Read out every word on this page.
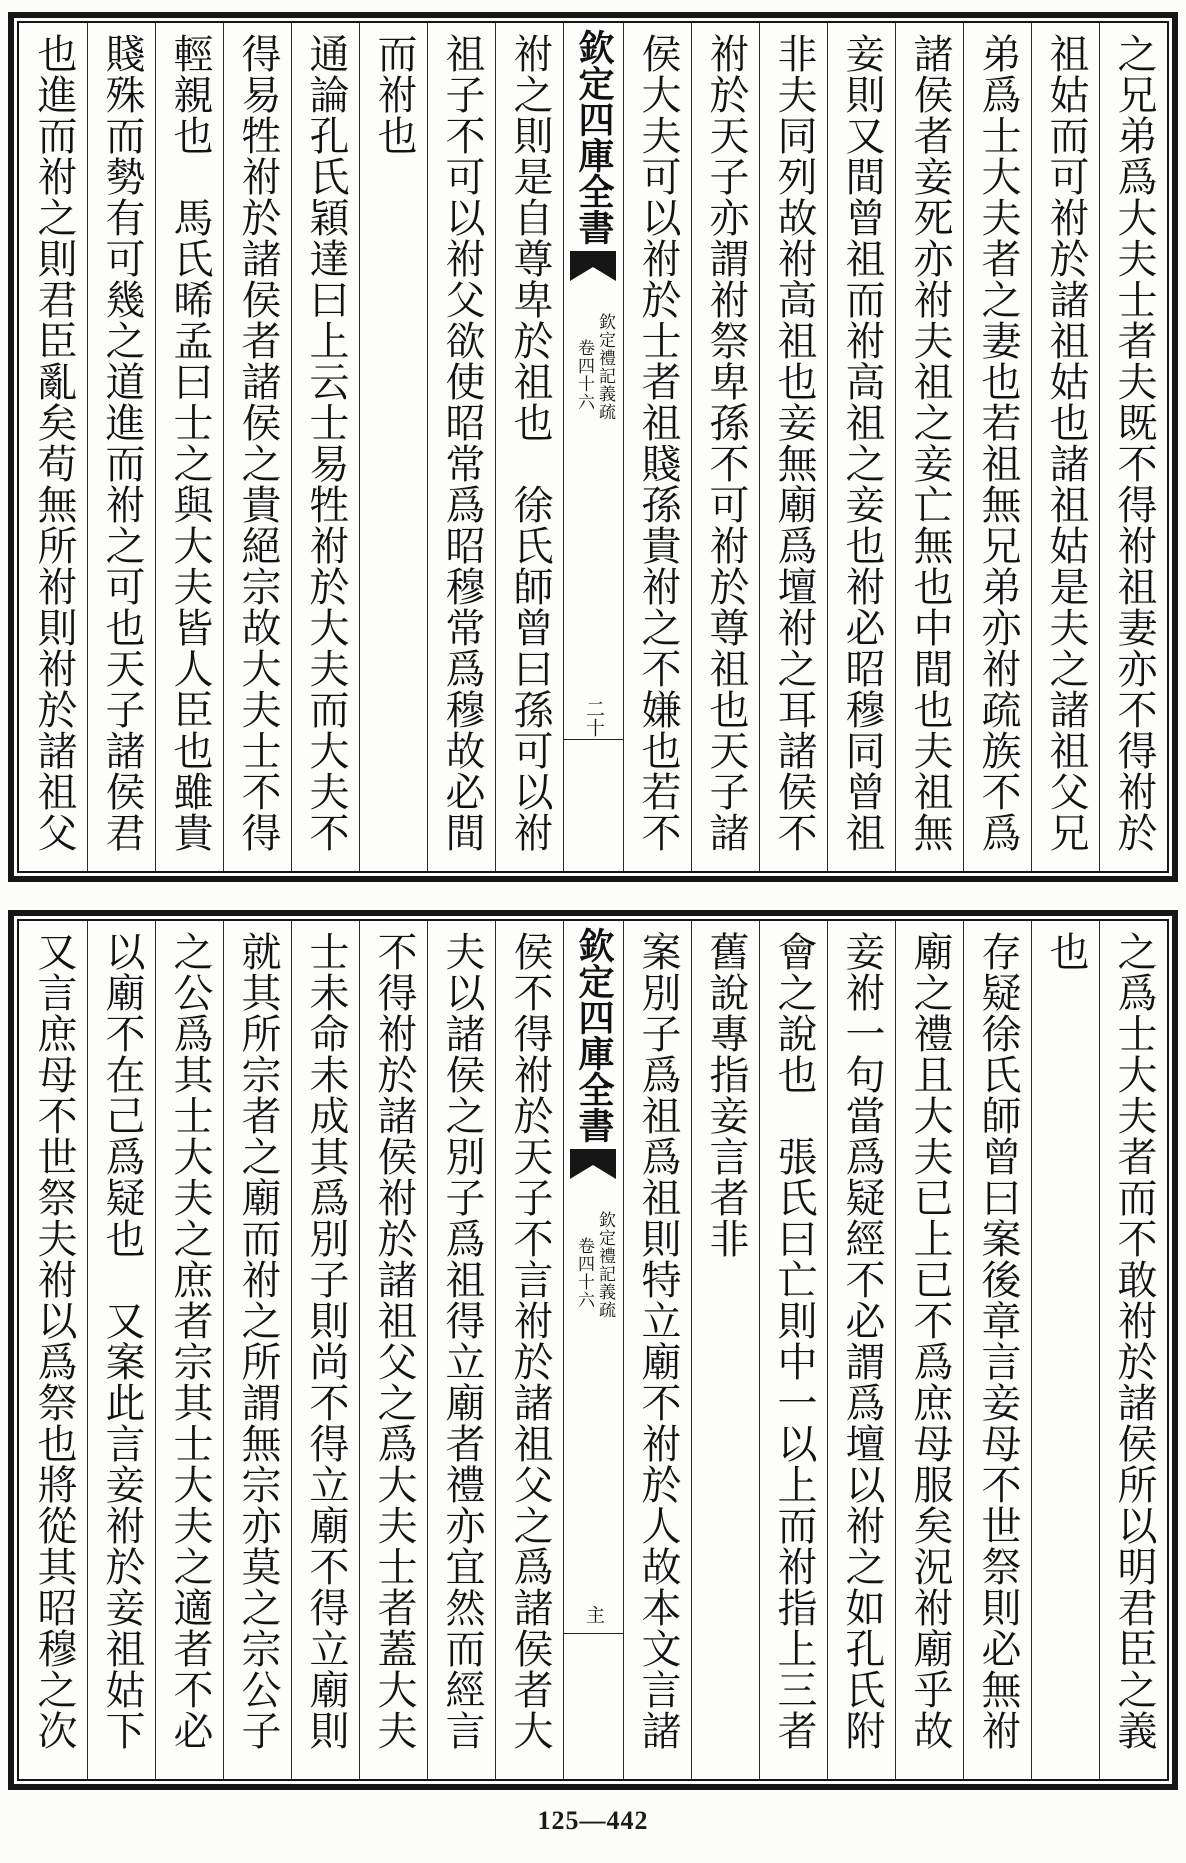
之兄弟爲大夫士者夫既不得祔祖妻亦不得祔於
祖姑而可祔於諸祖姑也諸祖姑是夫之諸祖父兄
弟爲士大夫者之妻也若祖無兄弟亦祔疏族不爲
諸侯者妾死亦祔夫祖之妾亡無也中間也夫祖無
妾則又間曾祖而祔高祖之妾也祔必昭穆同曾祖
非夫同列故祔高祖也妾無廟爲壇祔之耳諸侯不
祔於天子亦謂祔祭卑孫不可祔於尊祖也天子諸
侯大夫可以祔於士者祖賤孫貴祔之不嫌也若不
欽定四庫全書
欽定禮記義疏
卷四十六
二十
祔之則是自尊卑於祖也　徐氏師曾曰孫可以祔
祖子不可以祔父欲使昭常爲昭穆常爲穆故必間
而祔也
通論孔氏穎達曰上云士易牲祔於大夫而大夫不
得易牲祔於諸侯者諸侯之貴絕宗故大夫士不得
輕親也　馬氏晞孟曰士之與大夫皆人臣也雖貴
賤殊而勢有可幾之道進而祔之可也天子諸侯君
也進而祔之則君臣亂矣苟無所祔則祔於諸祖父
之爲士大夫者而不敢祔於諸侯所以明君臣之義
也
存疑徐氏師曾曰案後章言妾母不世祭則必無祔
廟之禮且大夫已上已不爲庶母服矣況祔廟乎故
妾祔一句當爲疑經不必謂爲壇以祔之如孔氏附
會之說也　張氏曰亡則中一以上而祔指上三者
舊說專指妾言者非
案別子爲祖爲祖則特立廟不祔於人故本文言諸
欽定四庫全書
欽定禮記義疏
卷四十六
主
侯不得祔於天子不言祔於諸祖父之爲諸侯者大
夫以諸侯之別子爲祖得立廟者禮亦宜然而經言
不得祔於諸侯祔於諸祖父之爲大夫士者蓋大夫
士未命未成其爲別子則尚不得立廟不得立廟則
就其所宗者之廟而祔之所謂無宗亦莫之宗公子
之公爲其士大夫之庶者宗其士大夫之適者不必
以廟不在己爲疑也　又案此言妾祔於妾祖姑下
又言庶母不世祭夫祔以爲祭也將從其昭穆之次
125—442
